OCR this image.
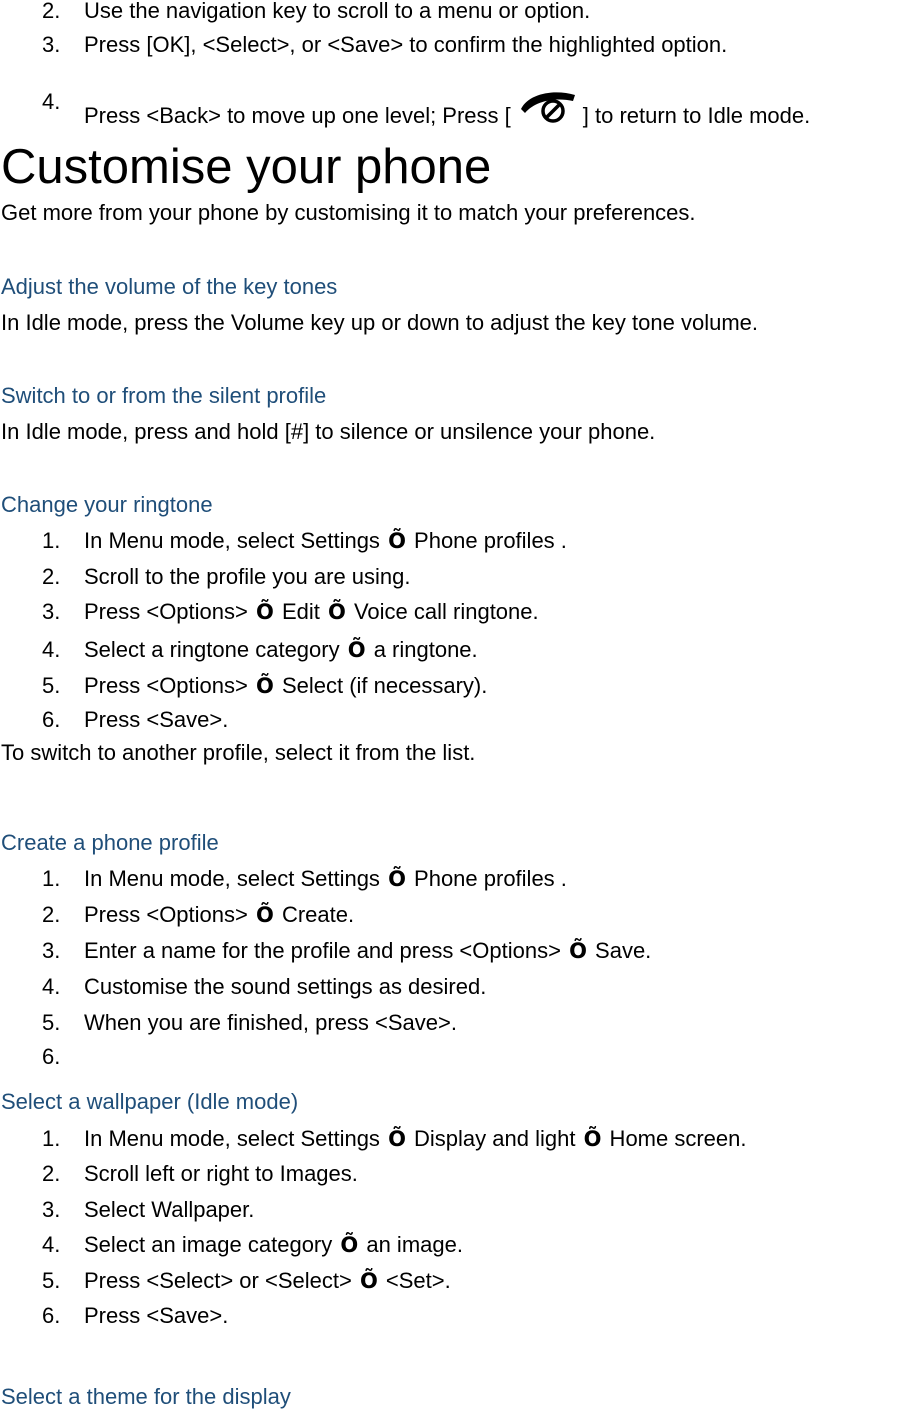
2. Use the navigation key to scroll to a menu or option.
3. Press [OK], <Select>, or <Save> to confirm the highlighted option.
4.
Press <Back> to move up one level; Press [	] to return to Idle mode.
Customise your phone
Get more from your phone by customising it to match your preferences.
Adjust the volume of the key tones
In Idle mode, press the Volume key up or down to adjust the key tone volume.
Switch to or from the silent profile
In Idle mode, press and hold [#] to silence or unsilence your phone.
Change your ringtone
1. In Menu mode, select Settings Õ Phone profiles .
2. Scroll to the profile you are using.
3. Press <Options> Õ Edit Õ Voice call ringtone.
4. Select a ringtone category Õ a ringtone.
5. Press <Options> Õ Select (if necessary).
6. Press <Save>.
To switch to another profile, select it from the list.
Create a phone profile
1. In Menu mode, select Settings Õ Phone profiles .
2. Press <Options> Õ Create.
3. Enter a name for the profile and press <Options> Õ Save.
4. Customise the sound settings as desired.
5. When you are finished, press <Save>.
6.
Select a wallpaper (Idle mode)
1. In Menu mode, select Settings Õ Display and light Õ Home screen.
2. Scroll left or right to Images.
3. Select Wallpaper.
4. Select an image category Õ an image.
5. Press <Select> or <Select> Õ <Set>.
6. Press <Save>.
Select a theme for the display
